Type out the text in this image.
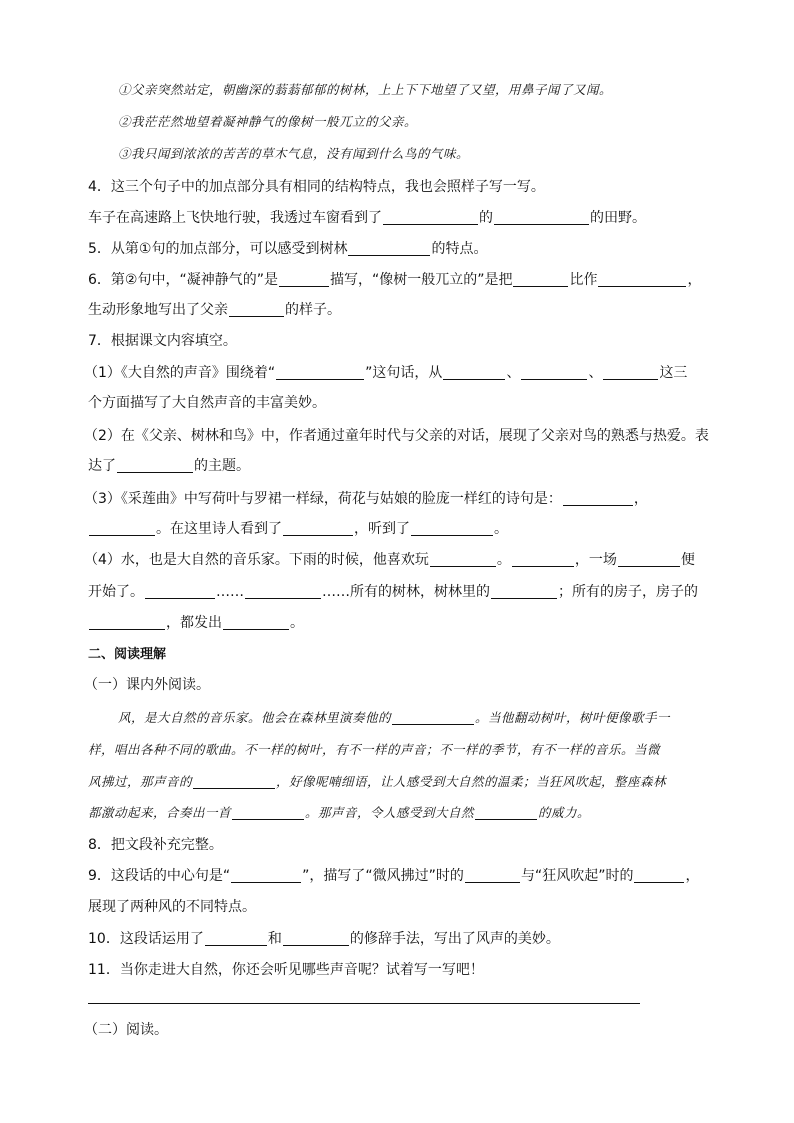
①父亲突然站定，朝幽深的蓊蓊郁郁的树林，上上下下地望了又望，用鼻子闻了又闻。
②我茫茫然地望着凝神静气的像树一般兀立的父亲。
③我只闻到浓浓的苦苦的草木气息，没有闻到什么鸟的气味。
4．这三个句子中的加点部分具有相同的结构特点，我也会照样子写一写。
车子在高速路上飞快地行驶，我透过车窗看到了	的	的田野。
5．从第①句的加点部分，可以感受到树林	的特点。
6．第②句中，“凝神静气的”是	描写，“像树一般兀立的”是把	比作	，
生动形象地写出了父亲	的样子。
7．根据课文内容填空。
（1）《大自然的声音》围绕着“	”这句话，从	、	、	这三
个方面描写了大自然声音的丰富美妙。
（2）在《父亲、树林和鸟》中，作者通过童年时代与父亲的对话，展现了父亲对鸟的熟悉与热爱。表
达了	的主题。
（3）《采莲曲》中写荷叶与罗裙一样绿，荷花与姑娘的脸庞一样红的诗句是：	，
。在这里诗人看到了	，听到了	。
（4）水，也是大自然的音乐家。下雨的时候，他喜欢玩	。	，一场	便
开始了。	……	……所有的树林，树林里的	；所有的房子，房子的
，都发出	。
二、阅读理解
（一）课内外阅读。
风，是大自然的音乐家。他会在森林里演奏他的	。当他翻动树叶，树叶便像歌手一
样，唱出各种不同的歌曲。不一样的树叶，有不一样的声音；不一样的季节，有不一样的音乐。当微
风拂过，那声音的	，好像呢喃细语，让人感受到大自然的温柔；当狂风吹起，整座森林
都激动起来，合奏出一首	。那声音，令人感受到大自然	的威力。
8．把文段补充完整。
9．这段话的中心句是“	”，描写了“微风拂过”时的	与“狂风吹起”时的	，
展现了两种风的不同特点。
10．这段话运用了	和	的修辞手法，写出了风声的美妙。
11．当你走进大自然，你还会听见哪些声音呢？试着写一写吧！
（二）阅读。
